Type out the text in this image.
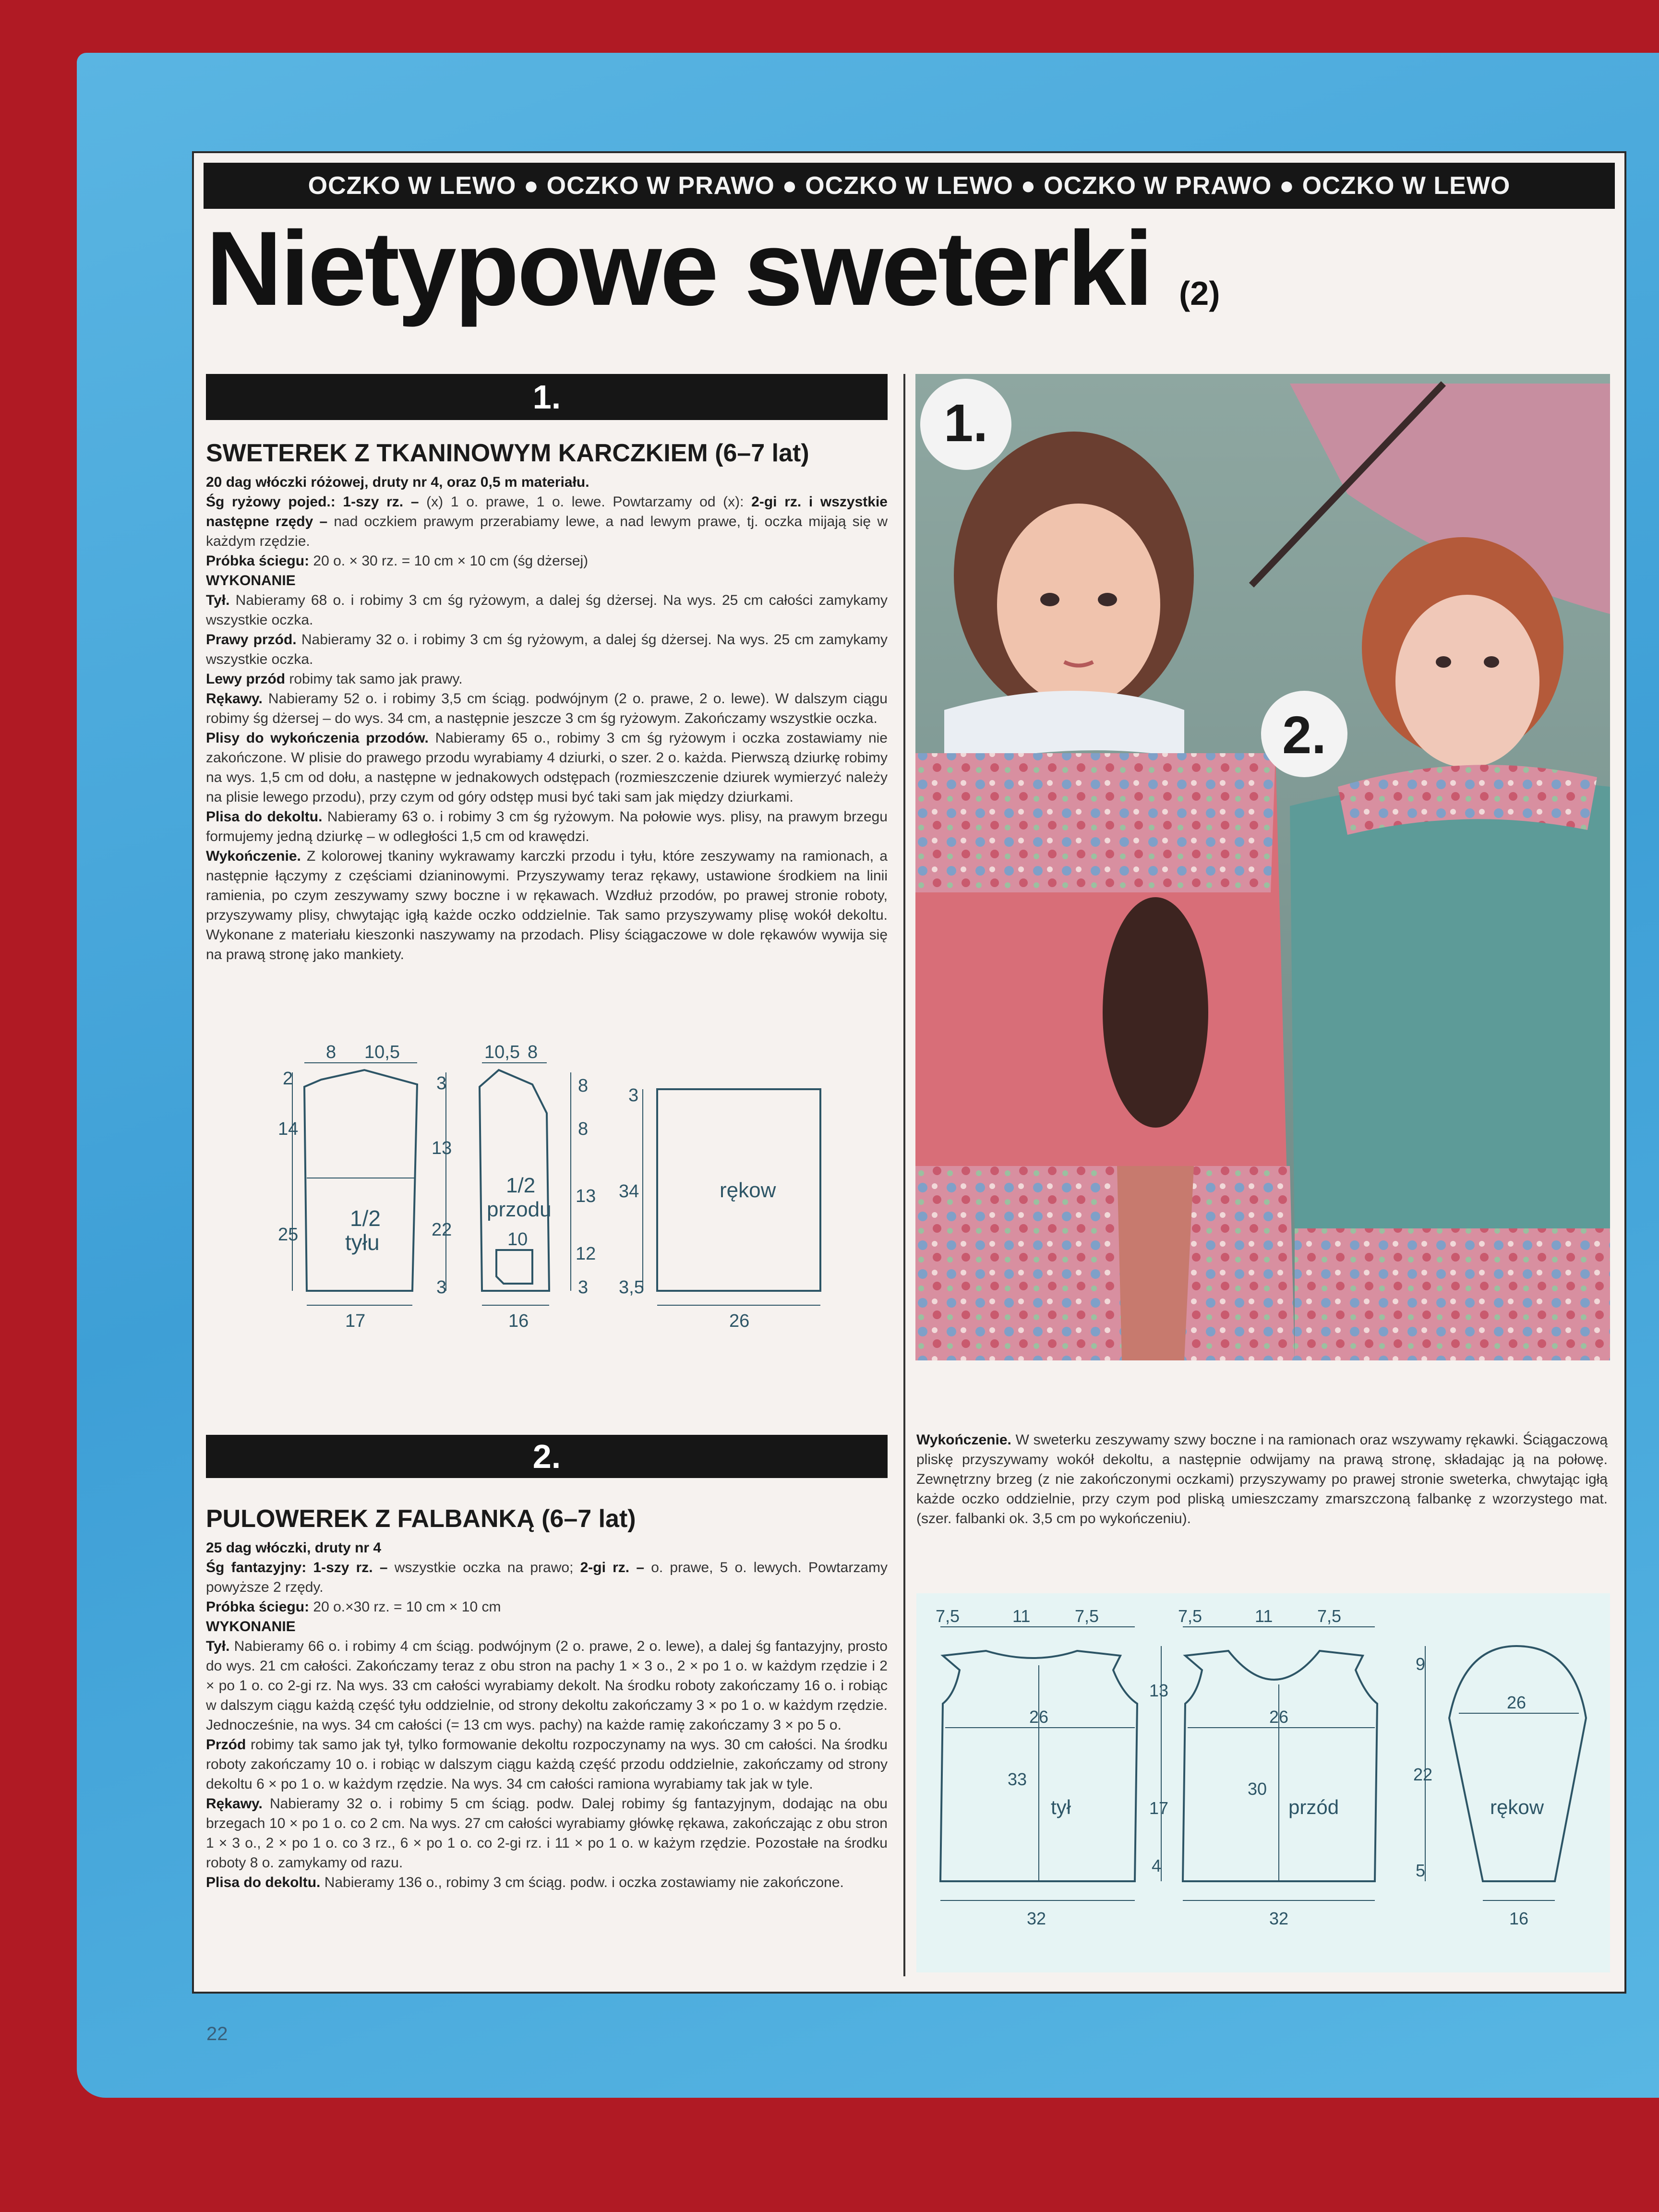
OCZKO W LEWO ● OCZKO W PRAWO ● OCZKO W LEWO ● OCZKO W PRAWO ● OCZKO W LEWO
Nietypowe sweterki (2)
1.
SWETEREK Z TKANINOWYM KARCZKIEM (6–7 lat)

20 dag włóczki różowej, druty nr 4, oraz 0,5 m materiału.

Śg ryżowy pojed.: 1-szy rz. – (x) 1 o. prawe, 1 o. lewe. Powtarzamy od (x): 2-gi rz. i wszystkie następne rzędy – nad oczkiem prawym przerabiamy lewe, a nad lewym prawe, tj. oczka mijają się w każdym rzędzie.

Próbka ściegu: 20 o. × 30 rz. = 10 cm × 10 cm (śg dżersej)

WYKONANIE

Tył. Nabieramy 68 o. i robimy 3 cm śg ryżowym, a dalej śg dżersej. Na wys. 25 cm całości zamykamy wszystkie oczka.

Prawy przód. Nabieramy 32 o. i robimy 3 cm śg ryżowym, a dalej śg dżersej. Na wys. 25 cm zamykamy wszystkie oczka.

Lewy przód robimy tak samo jak prawy.

Rękawy. Nabieramy 52 o. i robimy 3,5 cm ściąg. podwójnym (2 o. prawe, 2 o. lewe). W dalszym ciągu robimy śg dżersej – do wys. 34 cm, a następnie jeszcze 3 cm śg ryżowym. Zakończamy wszystkie oczka.

Plisy do wykończenia przodów. Nabieramy 65 o., robimy 3 cm śg ryżowym i oczka zostawiamy nie zakończone. W plisie do prawego przodu wyrabiamy 4 dziurki, o szer. 2 o. każda. Pierwszą dziurkę robimy na wys. 1,5 cm od dołu, a następne w jednakowych odstępach (rozmieszczenie dziurek wymierzyć należy na plisie lewego przodu), przy czym od góry odstęp musi być taki sam jak między dziurkami.

Plisa do dekoltu. Nabieramy 63 o. i robimy 3 cm śg ryżowym. Na połowie wys. plisy, na prawym brzegu formujemy jedną dziurkę – w odległości 1,5 cm od krawędzi.

Wykończenie. Z kolorowej tkaniny wykrawamy karczki przodu i tyłu, które zeszywamy na ramionach, a następnie łączymy z częściami dzianinowymi. Przyszywamy teraz rękawy, ustawione środkiem na linii ramienia, po czym zeszywamy szwy boczne i w rękawach. Wzdłuż przodów, po prawej stronie roboty, przyszywamy plisy, chwytając igłą każde oczko oddzielnie. Tak samo przyszywamy plisę wokół dekoltu. Wykonane z materiału kieszonki naszywamy na przodach. Plisy ściągaczowe w dole rękawów wywija się na prawą stronę jako mankiety.

8 10,5
2
14
25
17
1/2
tyłu
10,5 8
3
13
22
3
1/2
przodu
10
8
8
13
12
3
16
3
34
3,5
rękow
26
1.
2.
2.
PULOWEREK Z FALBANKĄ (6–7 lat)

25 dag włóczki, druty nr 4

Śg fantazyjny: 1-szy rz. – wszystkie oczka na prawo; 2-gi rz. – o. prawe, 5 o. lewych. Powtarzamy powyższe 2 rzędy.

Próbka ściegu: 20 o.×30 rz. = 10 cm × 10 cm

WYKONANIE

Tył. Nabieramy 66 o. i robimy 4 cm ściąg. podwójnym (2 o. prawe, 2 o. lewe), a dalej śg fantazyjny, prosto do wys. 21 cm całości. Zakończamy teraz z obu stron na pachy 1 × 3 o., 2 × po 1 o. w każdym rzędzie i 2 × po 1 o. co 2-gi rz. Na wys. 33 cm całości wyrabiamy dekolt. Na środku roboty zakończamy 16 o. i robiąc w dalszym ciągu każdą część tyłu oddzielnie, od strony dekoltu zakończamy 3 × po 1 o. w każdym rzędzie. Jednocześnie, na wys. 34 cm całości (= 13 cm wys. pachy) na każde ramię zakończamy 3 × po 5 o.

Przód robimy tak samo jak tył, tylko formowanie dekoltu rozpoczynamy na wys. 30 cm całości. Na środku roboty zakończamy 10 o. i robiąc w dalszym ciągu każdą część przodu oddzielnie, zakończamy od strony dekoltu 6 × po 1 o. w każdym rzędzie. Na wys. 34 cm całości ramiona wyrabiamy tak jak w tyle.

Rękawy. Nabieramy 32 o. i robimy 5 cm ściąg. podw. Dalej robimy śg fantazyjnym, dodając na obu brzegach 10 × po 1 o. co 2 cm. Na wys. 27 cm całości wyrabiamy główkę rękawa, zakończając z obu stron 1 × 3 o., 2 × po 1 o. co 3 rz., 6 × po 1 o. co 2-gi rz. i 11 × po 1 o. w każym rzędzie. Pozostałe na środku roboty 8 o. zamykamy od razu.

Plisa do dekoltu. Nabieramy 136 o., robimy 3 cm ściąg. podw. i oczka zostawiamy nie zakończone.

Wykończenie. W sweterku zeszywamy szwy boczne i na ramionach oraz wszywamy rękawki. Ściągaczową pliskę przyszywamy wokół dekoltu, a następnie odwijamy na prawą stronę, składając ją na połowę. Zewnętrzny brzeg (z nie zakończonymi oczkami) przyszywamy po prawej stronie sweterka, chwytając igłą każde oczko oddzielnie, przy czym pod pliską umieszczamy zmarszczoną falbankę z wzorzystego mat. (szer. falbanki ok. 3,5 cm po wykończeniu).

7,5	11	7,5
26
33
tył
32
13
17
4
7,5	11	7,5
26
30
przód
32
9
22
5
26
rękow
16
22
